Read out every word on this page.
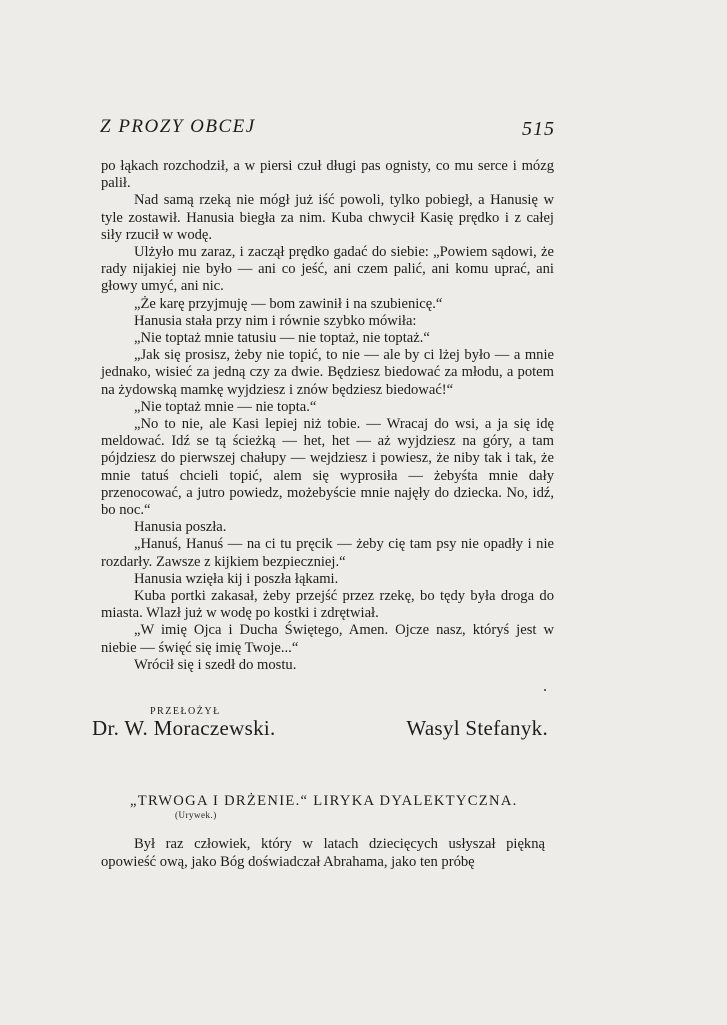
Z PROZY OBCEJ	515

po łąkach rozchodził, a w piersi czuł długi pas ognisty, co mu serce i mózg palił.

Nad samą rzeką nie mógł już iść powoli, tylko pobiegł, a Hanusię w tyle zostawił. Hanusia biegła za nim. Kuba chwycił Kasię prędko i z całej siły rzucił w wodę.

Ulżyło mu zaraz, i zaczął prędko gadać do siebie: „Powiem sądowi, że rady nijakiej nie było — ani co jeść, ani czem palić, ani komu uprać, ani głowy umyć, ani nic.

„Że karę przyjmuję — bom zawinił i na szubienicę.“

Hanusia stała przy nim i równie szybko mówiła:

„Nie toptaż mnie tatusiu — nie toptaż, nie toptaż.“

„Jak się prosisz, żeby nie topić, to nie — ale by ci lżej było — a mnie jednako, wisieć za jedną czy za dwie. Będziesz biedować za młodu, a potem na żydowską mamkę wyjdziesz i znów będziesz biedować!“

„Nie toptaż mnie — nie topta.“

„No to nie, ale Kasi lepiej niż tobie. — Wracaj do wsi, a ja się idę meldować. Idź se tą ścieżką — het, het — aż wyjdziesz na góry, a tam pójdziesz do pierwszej chałupy — wejdziesz i powiesz, że niby tak i tak, że mnie tatuś chcieli topić, alem się wyprosiła — żebyśta mnie dały przenocować, a jutro powiedz, możebyście mnie najęły do dziecka. No, idź, bo noc.“

Hanusia poszła.

„Hanuś, Hanuś — na ci tu pręcik — żeby cię tam psy nie opadły i nie rozdarły. Zawsze z kijkiem bezpieczniej.“

Hanusia wzięła kij i poszła łąkami.

Kuba portki zakasał, żeby przejść przez rzekę, bo tędy była droga do miasta. Wlazł już w wodę po kostki i zdrętwiał.

„W imię Ojca i Ducha Świętego, Amen. Ojcze nasz, któryś jest w niebie — święć się imię Twoje...“

Wrócił się i szedł do mostu.

PRZEŁOŻYŁ
Dr. W. Moraczewski.	Wasyl Stefanyk.
„TRWOGA I DRŻENIE.“ LIRYKA DYALEKTYCZNA.
(Urywek.)
Był raz człowiek, który w latach dziecięcych usłyszał piękną opowieść ową, jako Bóg doświadczał Abrahama, jako ten próbę
